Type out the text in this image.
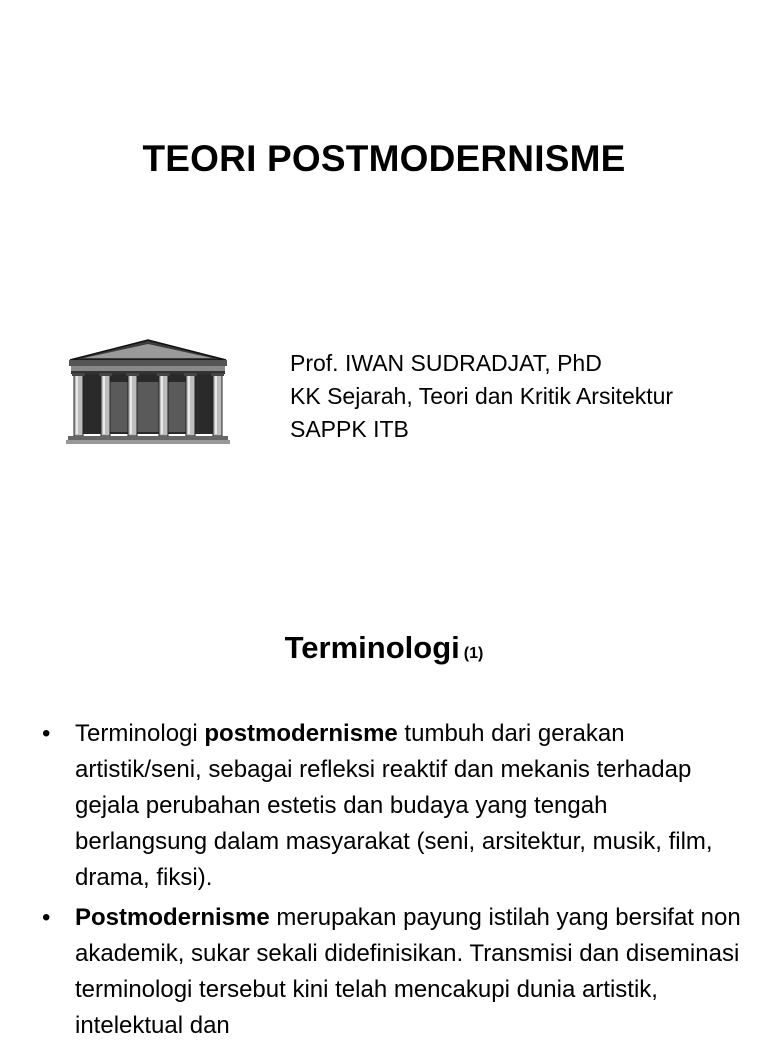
TEORI POSTMODERNISME
Prof. IWAN SUDRADJAT, PhD
KK Sejarah, Teori dan Kritik Arsitektur
SAPPK ITB
Terminologi (1)
• Terminologi postmodernisme tumbuh dari gerakan artistik/seni, sebagai refleksi reaktif dan mekanis terhadap gejala perubahan estetis dan budaya yang tengah berlangsung dalam masyarakat (seni, arsitektur, musik, film, drama, fiksi).
• Postmodernisme merupakan payung istilah yang bersifat non akademik, sukar sekali didefinisikan. Transmisi dan diseminasi terminologi tersebut kini telah mencakupi dunia artistik, intelektual dan
